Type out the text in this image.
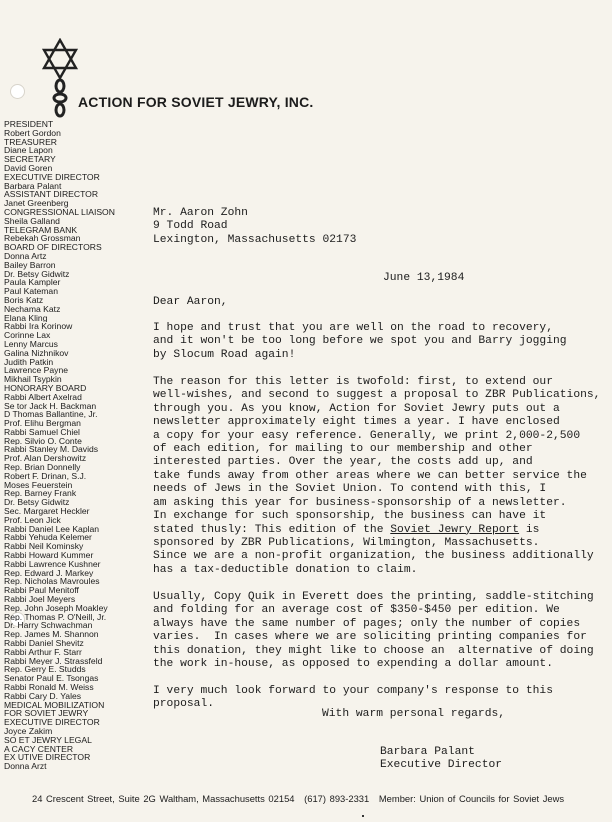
ACTION FOR SOVIET JEWRY, INC.
PRESIDENT
Robert Gordon
TREASURER
Diane Lapon
SECRETARY
David Goren
EXECUTIVE DIRECTOR
Barbara Palant
ASSISTANT DIRECTOR
Janet Greenberg
CONGRESSIONAL LIAISON
Sheila Galland
TELEGRAM BANK
Rebekah Grossman
BOARD OF DIRECTORS
Donna Artz
Bailey Barron
Dr. Betsy Gidwitz
Paula Kampler
Paul Kateman
Boris Katz
Nechama Katz
Elana Kling
Rabbi Ira Korinow
Corinne Lax
Lenny Marcus
Galina Nizhnikov
Judith Patkin
Lawrence Payne
Mikhail Tsypkin
HONORARY BOARD
Rabbi Albert Axelrad
Se tor Jack H. Backman
D Thomas Ballantine, Jr.
Prof. Elihu Bergman
Rabbi Samuel Chiel
Rep. Silvio O. Conte
Rabbi Stanley M. Davids
Prof. Alan Dershowitz
Rep. Brian Donnelly
Robert F. Drinan, S.J.
Moses Feuerstein
Rep. Barney Frank
Dr. Betsy Gidwitz
Sec. Margaret Heckler
Prof. Leon Jick
Rabbi Daniel Lee Kaplan
Rabbi Yehuda Kelemer
Rabbi Neil Kominsky
Rabbi Howard Kummer
Rabbi Lawrence Kushner
Rep. Edward J. Markey
Rep. Nicholas Mavroules
Rabbi Paul Menitoff
Rabbi Joel Meyers
Rep. John Joseph Moakley
Rep. Thomas P. O'Neill, Jr.
Dr. Harry Schwachman
Rep. James M. Shannon
Rabbi Daniel Shevitz
Rabbi Arthur F. Starr
Rabbi Meyer J. Strassfeld
Rep. Gerry E. Studds
Senator Paul E. Tsongas
Rabbi Ronald M. Weiss
Rabbi Cary D. Yales
MEDICAL MOBILIZATION
FOR SOVIET JEWRY
EXECUTIVE DIRECTOR
Joyce Zakim
SO ET JEWRY LEGAL
A CACY CENTER
EX UTIVE DIRECTOR
Donna Arzt
Mr. Aaron Zohn
9 Todd Road
Lexington, Massachusetts 02173
June 13,1984
Dear Aaron,
I hope and trust that you are well on the road to recovery,
and it won't be too long before we spot you and Barry jogging
by Slocum Road again!
The reason for this letter is twofold: first, to extend our
well-wishes, and second to suggest a proposal to ZBR Publications,
through you. As you know, Action for Soviet Jewry puts out a
newsletter approximately eight times a year. I have enclosed
a copy for your easy reference. Generally, we print 2,000-2,500
of each edition, for mailing to our membership and other
interested parties. Over the year, the costs add up, and
take funds away from other areas where we can better service the
needs of Jews in the Soviet Union. To contend with this, I
am asking this year for business-sponsorship of a newsletter.
In exchange for such sponsorship, the business can have it
stated thusly: This edition of the Soviet Jewry Report is
sponsored by ZBR Publications, Wilmington, Massachusetts.
Since we are a non-profit organization, the business additionally
has a tax-deductible donation to claim.
Usually, Copy Quik in Everett does the printing, saddle-stitching
and folding for an average cost of $350-$450 per edition. We
always have the same number of pages; only the number of copies
varies.  In cases where we are soliciting printing companies for
this donation, they might like to choose an  alternative of doing
the work in-house, as opposed to expending a dollar amount.
I very much look forward to your company's response to this
proposal.
With warm personal regards,
Barbara Palant
Executive Director
24 Crescent Street, Suite 2G Waltham, Massachusetts 02154 (617) 893-2331 Member: Union of Councils for Soviet Jews
